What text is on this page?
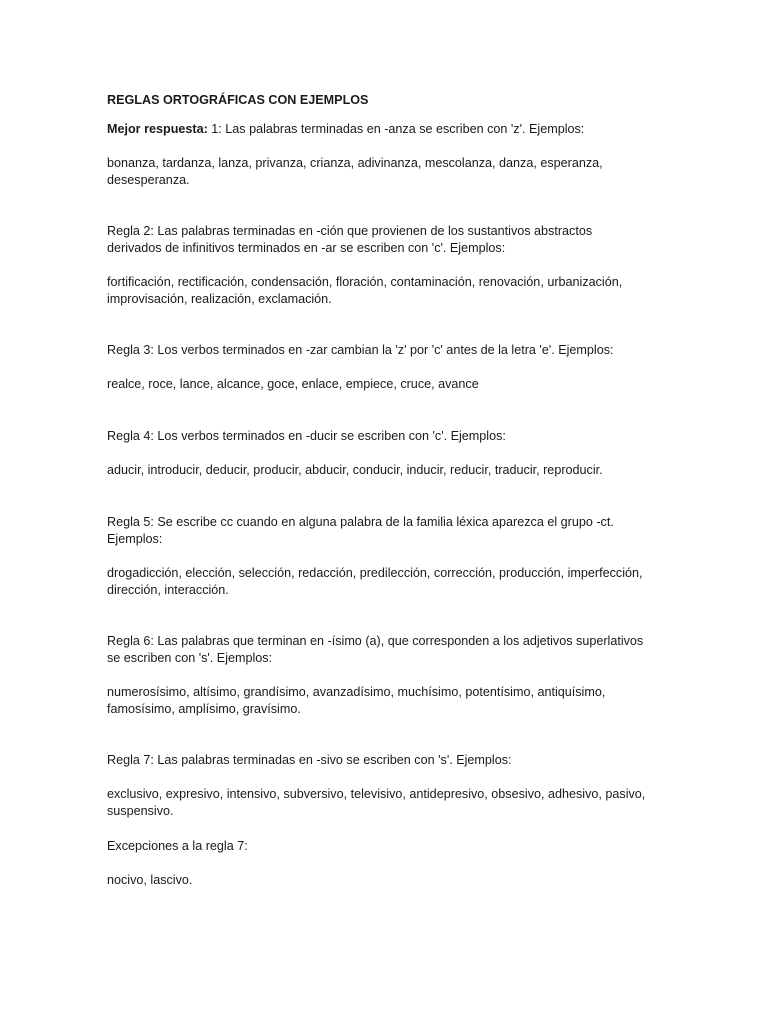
REGLAS ORTOGRÁFICAS CON EJEMPLOS

Mejor respuesta: 1: Las palabras terminadas en -anza se escriben con 'z'. Ejemplos:

bonanza, tardanza, lanza, privanza, crianza, adivinanza, mescolanza, danza, esperanza, desesperanza.

Regla 2: Las palabras terminadas en -ción que provienen de los sustantivos abstractos derivados de infinitivos terminados en -ar se escriben con 'c'. Ejemplos:

fortificación, rectificación, condensación, floración, contaminación, renovación, urbanización, improvisación, realización, exclamación.

Regla 3: Los verbos terminados en -zar cambian la 'z' por 'c' antes de la letra 'e'. Ejemplos:

realce, roce, lance, alcance, goce, enlace, empiece, cruce, avance

Regla 4: Los verbos terminados en -ducir se escriben con 'c'. Ejemplos:

aducir, introducir, deducir, producir, abducir, conducir, inducir, reducir, traducir, reproducir.

Regla 5: Se escribe cc cuando en alguna palabra de la familia léxica aparezca el grupo -ct. Ejemplos:

drogadicción, elección, selección, redacción, predilección, corrección, producción, imperfección, dirección, interacción.

Regla 6: Las palabras que terminan en -ísimo (a), que corresponden a los adjetivos superlativos se escriben con 's'. Ejemplos:

numerosísimo, altísimo, grandísimo, avanzadísimo, muchísimo, potentísimo, antiquísimo, famosísimo, amplísimo, gravísimo.

Regla 7: Las palabras terminadas en -sivo se escriben con 's'. Ejemplos:

exclusivo, expresivo, intensivo, subversivo, televisivo, antidepresivo, obsesivo, adhesivo, pasivo, suspensivo.

Excepciones a la regla 7:

nocivo, lascivo.
